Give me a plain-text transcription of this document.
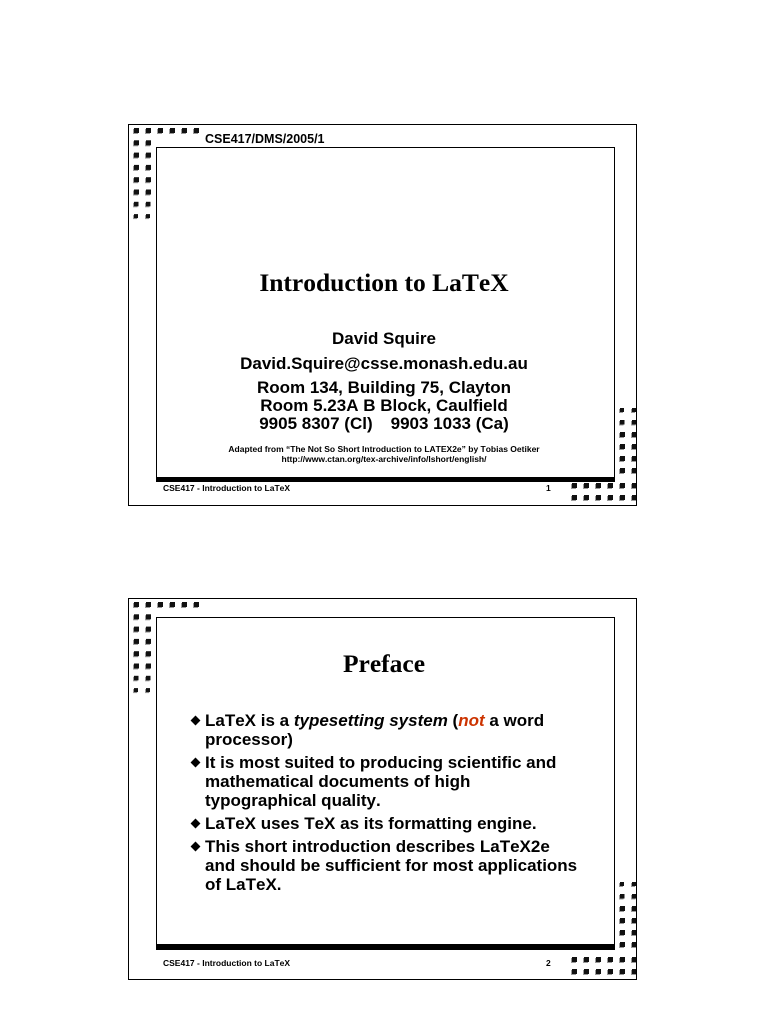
CSE417/DMS/2005/1
Introduction to LaTeX
David Squire
David.Squire@csse.monash.edu.au
Room 134, Building 75, Clayton
Room 5.23A B Block, Caulfield
9905 8307 (Cl) 9903 1033 (Ca)
Adapted from “The Not So Short Introduction to LATEX2e” by Tobias Oetiker
http://www.ctan.org/tex-archive/info/lshort/english/
CSE417 - Introduction to LaTeX	1
Preface
LaTeX is a typesetting system (not a word processor)
It is most suited to producing scientific and mathematical documents of high typographical quality.
LaTeX uses TeX as its formatting engine.
This short introduction describes LaTeX2e and should be sufficient for most applications of LaTeX.
CSE417 - Introduction to LaTeX	2
